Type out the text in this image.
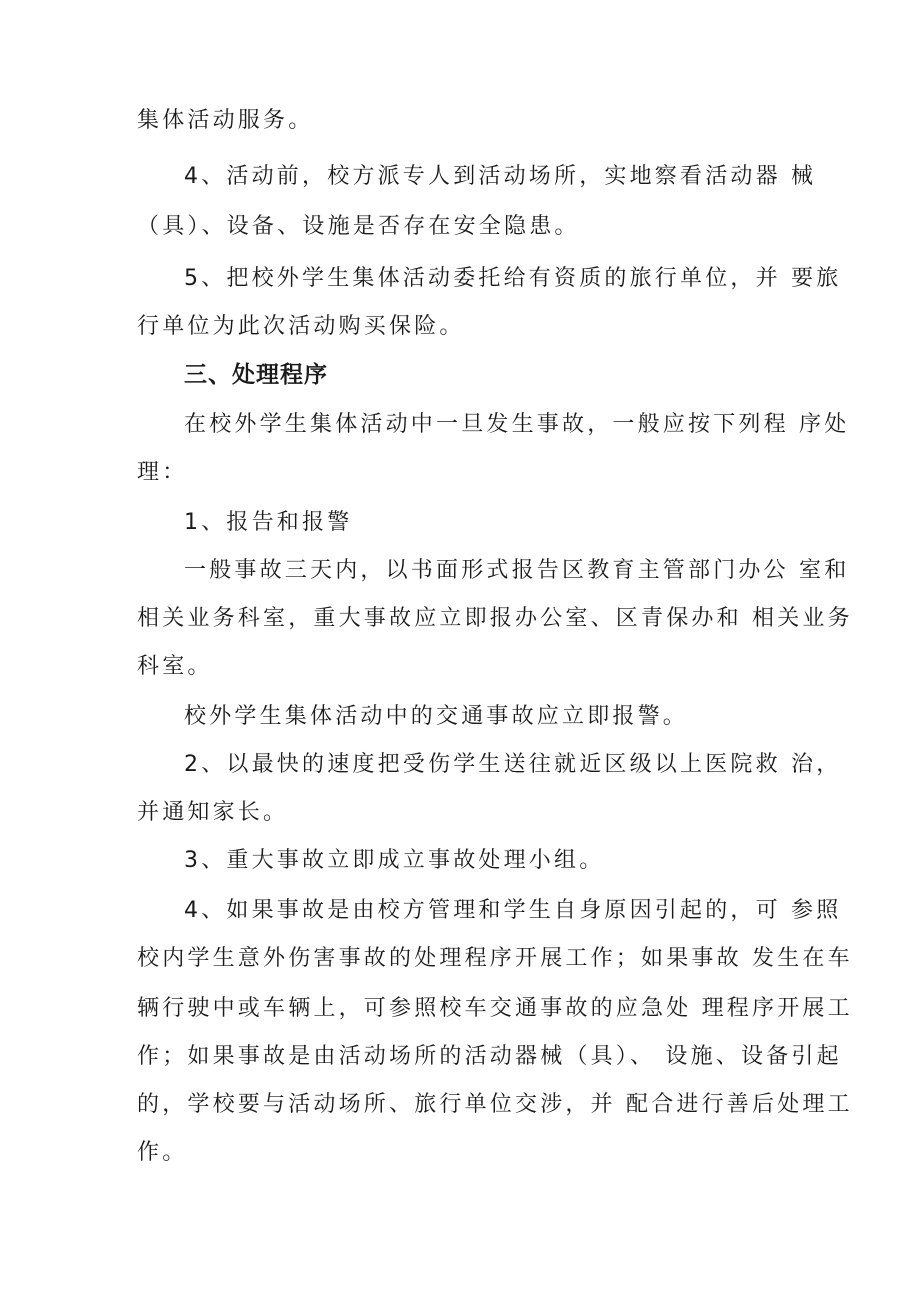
集体活动服务。
4、活动前，校方派专人到活动场所，实地察看活动器 械
（具）、设备、设施是否存在安全隐患。
5、把校外学生集体活动委托给有资质的旅行单位，并 要旅
行单位为此次活动购买保险。
三、处理程序
在校外学生集体活动中一旦发生事故，一般应按下列程 序处
理：
1、报告和报警
一般事故三天内，以书面形式报告区教育主管部门办公 室和
相关业务科室，重大事故应立即报办公室、区青保办和 相关业务
科室。
校外学生集体活动中的交通事故应立即报警。
2、以最快的速度把受伤学生送往就近区级以上医院救 治，
并通知家长。
3、重大事故立即成立事故处理小组。
4、如果事故是由校方管理和学生自身原因引起的，可 参照
校内学生意外伤害事故的处理程序开展工作；如果事故 发生在车
辆行驶中或车辆上，可参照校车交通事故的应急处 理程序开展工
作；如果事故是由活动场所的活动器械（具）、 设施、设备引起
的，学校要与活动场所、旅行单位交涉，并 配合进行善后处理工
作。
